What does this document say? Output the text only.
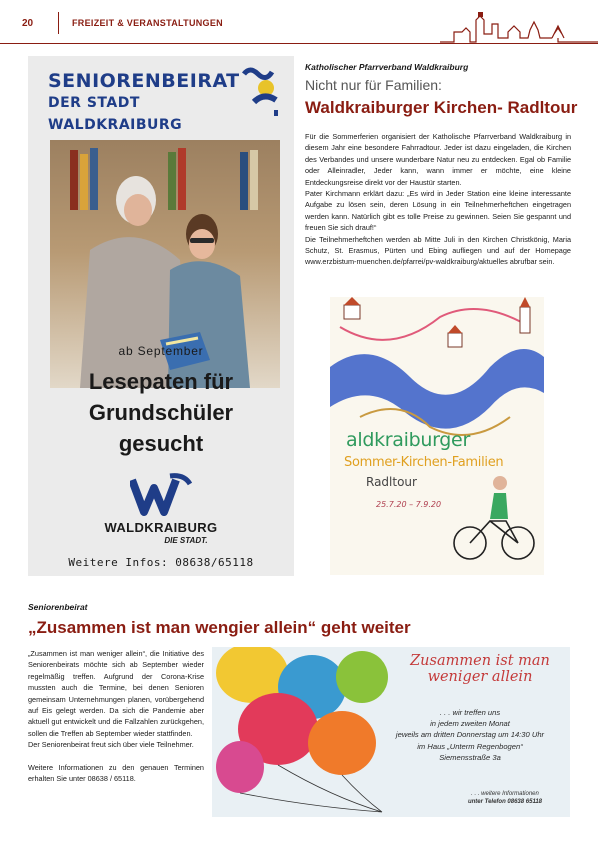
20	FREIZEIT & VERANSTALTUNGEN
SENIORENBEIRAT
DER STADT WALDKRAIBURG
ab September
Lesepaten für
Grundschüler
gesucht
WALDKRAIBURG
DIE STADT.
Weitere Infos: 08638/65118
Katholischer Pfarrverband Waldkraiburg
Nicht nur für Familien:
Waldkraiburger Kirchen- Radltour

Für die Sommerferien organisiert der Katholische Pfarrverband Waldkraiburg in diesem Jahr eine besondere Fahrradtour. Jeder ist dazu eingeladen, die Kirchen des Verbandes und unsere wunderbare Natur neu zu entdecken. Egal ob Familie oder Alleinradler, Jeder kann, wann immer er möchte, eine kleine Entdeckungsreise direkt vor der Haustür starten.

Pater Kirchmann erklärt dazu: „Es wird in Jeder Station eine kleine interessante Aufgabe zu lösen sein, deren Lösung in ein Teilnehmerheftchen eingetragen werden kann. Natürlich gibt es tolle Preise zu gewinnen. Seien Sie gespannt und freuen Sie sich drauf!“

Die Teilnehmerheftchen werden ab Mitte Juli in den Kirchen Christkönig, Maria Schutz, St. Erasmus, Pürten und Ebing aufliegen und auf der Homepage www.erzbistum-muenchen.de/pfarrei/pv-waldkraiburg/aktuelles abrufbar sein.

aldkraiburger
Sommer-Kirchen-Familien
Radltour
25.7.20 – 7.9.20
Seniorenbeirat
„Zusammen ist man wengier allein“ geht weiter

„Zusammen ist man weniger allein“, die Initiative des Seniorenbeirats möchte sich ab September wieder regelmäßig treffen. Aufgrund der Corona-Krise mussten auch die Termine, bei denen Senioren gemeinsam Unternehmungen planen, vorübergehend auf Eis gelegt werden. Da sich die Pandemie aber aktuell gut entwickelt und die Fallzahlen zurückgehen, sollen die Treffen ab September wieder stattfinden.
Der Seniorenbeirat freut sich über viele Teilnehmer.

Weitere Informationen zu den genauen Terminen erhalten Sie unter 08638 / 65118.

Zusammen ist man
weniger allein
. . . wir treffen uns
in jedem zweiten Monat
jeweils am dritten Donnerstag um 14:30 Uhr
im Haus „Unterm Regenbogen“
Siemensstraße 3a
. . . weitere Informationen
unter Telefon 08638 65118
